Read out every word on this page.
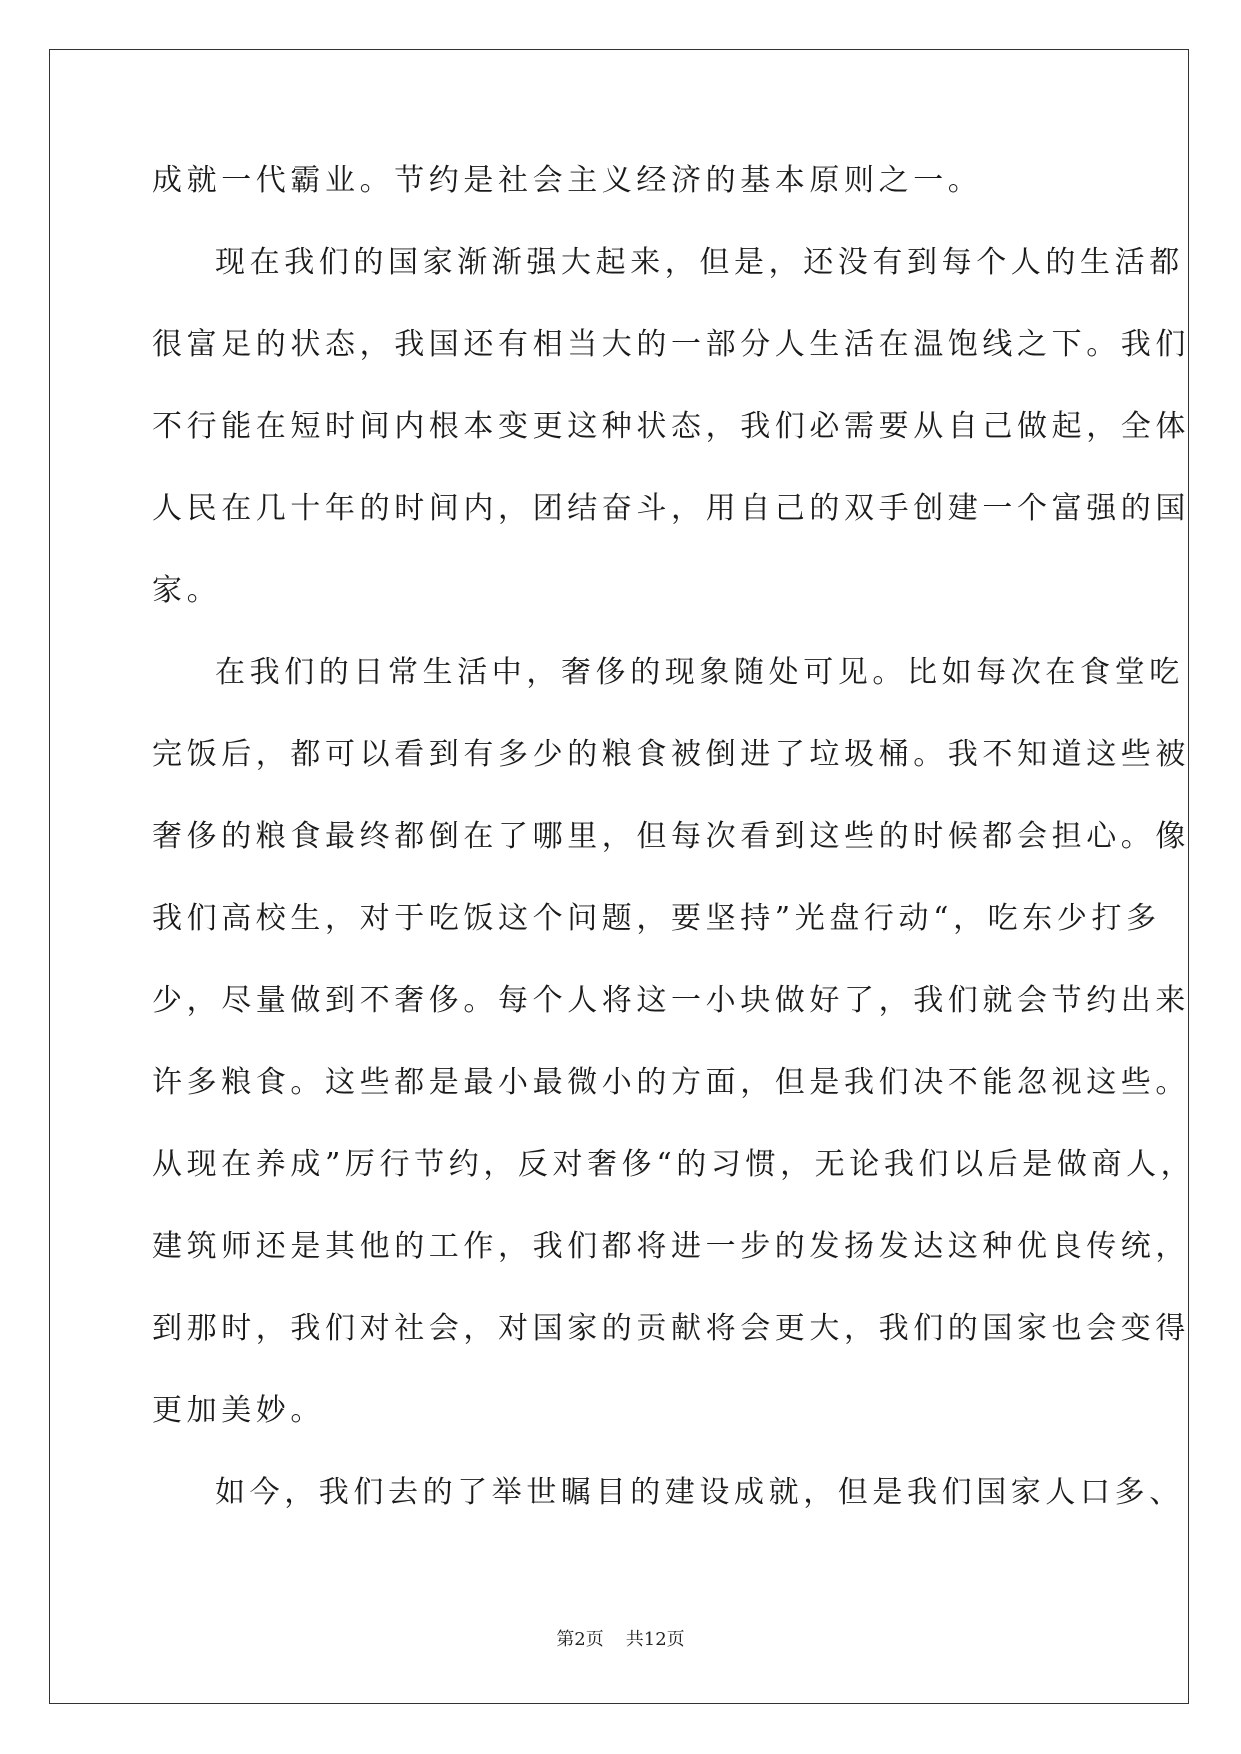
成就一代霸业。节约是社会主义经济的基本原则之一。
现在我们的国家渐渐强大起来，但是，还没有到每个人的生活都
很富足的状态，我国还有相当大的一部分人生活在温饱线之下。我们
不行能在短时间内根本变更这种状态，我们必需要从自己做起，全体
人民在几十年的时间内，团结奋斗，用自己的双手创建一个富强的国
家。
在我们的日常生活中，奢侈的现象随处可见。比如每次在食堂吃
完饭后，都可以看到有多少的粮食被倒进了垃圾桶。我不知道这些被
奢侈的粮食最终都倒在了哪里，但每次看到这些的时候都会担心。像
我们高校生，对于吃饭这个问题，要坚持”光盘行动“，吃东少打多
少，尽量做到不奢侈。每个人将这一小块做好了，我们就会节约出来
许多粮食。这些都是最小最微小的方面，但是我们决不能忽视这些。
从现在养成”厉行节约，反对奢侈“的习惯，无论我们以后是做商人，
建筑师还是其他的工作，我们都将进一步的发扬发达这种优良传统，
到那时，我们对社会，对国家的贡献将会更大，我们的国家也会变得
更加美妙。
如今，我们去的了举世瞩目的建设成就，但是我们国家人口多、
第2页 共12页
